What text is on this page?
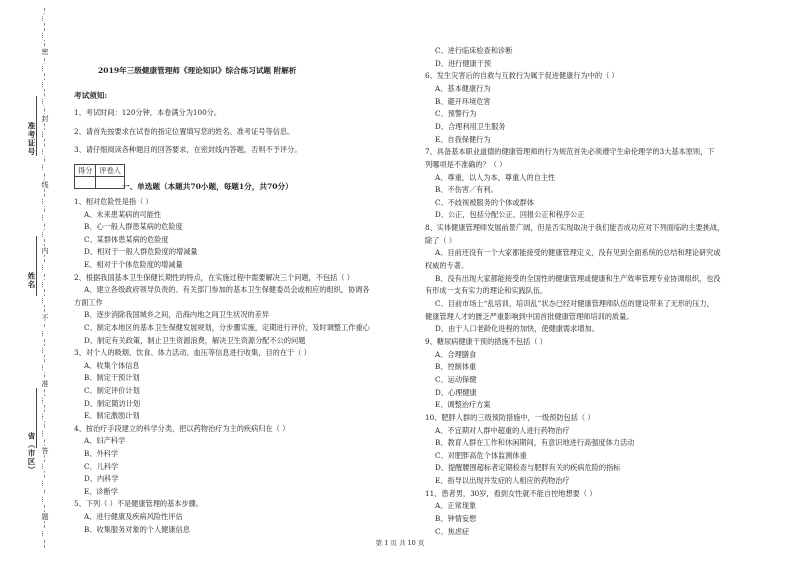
…
…
密
…
…
…
封
…
…
…
线
…
…
…
内
…
…
…
不
…
…
…
准
…
…
…
答
…
…
…
题
…
准考证号
姓名
省（市区）
2019年三级健康管理师《理论知识》综合练习试题 附解析
考试须知:
1、考试时间：120分钟，本卷满分为100分。
2、请首先按要求在试卷的指定位置填写您的姓名、准考证号等信息。
3、请仔细阅读各种题目的回答要求，在密封线内答题，否则不予评分。
得分	评卷人

一、单选题（本题共70小题，每题1分，共70分）
1、相对危险性是指（ ）
A、未来患某病的可能性
B、心一般人群患某病的危险度
C、某群体患某病的危险度
D、相对于一般人群危险度的增减量
E、相对于个体危险度的增减量
2、根据我国基本卫生保健长期性的特点，在实施过程中需要解决三个问题，不包括（ ）
A、建立各级政府领导负责的、有关部门参加的基本卫生保健委员会或相应的组织，协调各
方面工作
B、逐步消除我国城乡之间，沿海内地之间卫生状况的差异
C、制定本地区的基本卫生保健发展规划，分步骤实施，定期进行评价，及时调整工作重心
D、制定有关政策，制止卫生资源浪费，解决卫生资源分配不公的问题
3、对个人的吸烟、饮食、体力活动、血压等信息进行收集，目的在于（ ）
A、收集个体信息
B、制定干预计划
C、制定评价计划
D、制定随访计划
E、制定激励计划
4、按治疗手段建立的科学分类，把以药物治疗为主的疾病归在（ ）
A、妇产科学
B、外科学
C、儿科学
D、内科学
E、诊断学
5、下列（ ）不是健康管理的基本步骤。
A、进行健康及疾病风险性评估
B、收集服务对象的个人健康信息
C、进行临床检查和诊断
D、进行健康干预
6、发生灾害后的自救与互救行为属于促进健康行为中的（ ）
A、基本健康行为
B、避开环境危害
C、预警行为
D、合理利用卫生服务
E、自我保健行为
7、具备基本职业道德的健康管理师的行为规范首先必须遵守生命伦理学的3大基本原则，下
列哪项是不准确的？（ ）
A、尊重，以人为本，尊重人的自主性
B、不伤害／有利。
C、不歧视被服务的个体或群体
D、公正，包括分配公正、回报公正和程序公正
8、实体健康管理师发展前景广阔，但是否实现取决于我们能否成功应对下列面临的主要挑战，
除了（ ）
A、目前还没有一个大家都能接受的健康管理定义，没有见到全面系统的总结和理论研究或
权威的专著。
B、没有出现大家都能接受的全国性的健康管理或健康和生产效率管理专业协调组织，也没
有形成一支有实力的理论和实践队伍。
C、目前市场上“乱培训，培训乱”状态已经对健康管理师队伍的建设带来了无形的压力，
健康管理人才的匮乏严重影响到中国首批健康管理师培训的质量。
D、由于人口老龄化进程的加快，使健康需求增加。
9、糖尿病健康干预的措施不包括（ ）
A、合理膳食
B、控制体重
C、运动保健
D、心理健康
E、调整治疗方案
10、肥胖人群的三级预防措施中，一级预防包括（ ）
A、不宜期对人群中超重的人进行药物治疗
B、教育人群在工作和休闲期间，有意识地进行高强度体力活动
C、对肥胖高危个体监测体重
D、提醒腰围超标者定期检查与肥胖有关的疾病危险的指标
E、指导以出现并发症的人相应的药物治疗
11、患者男，30岁，看到女性就不能自控地想要（ ）
A、正常现象
B、钟情妄想
C、焦虑症
第 1 页 共 10 页
